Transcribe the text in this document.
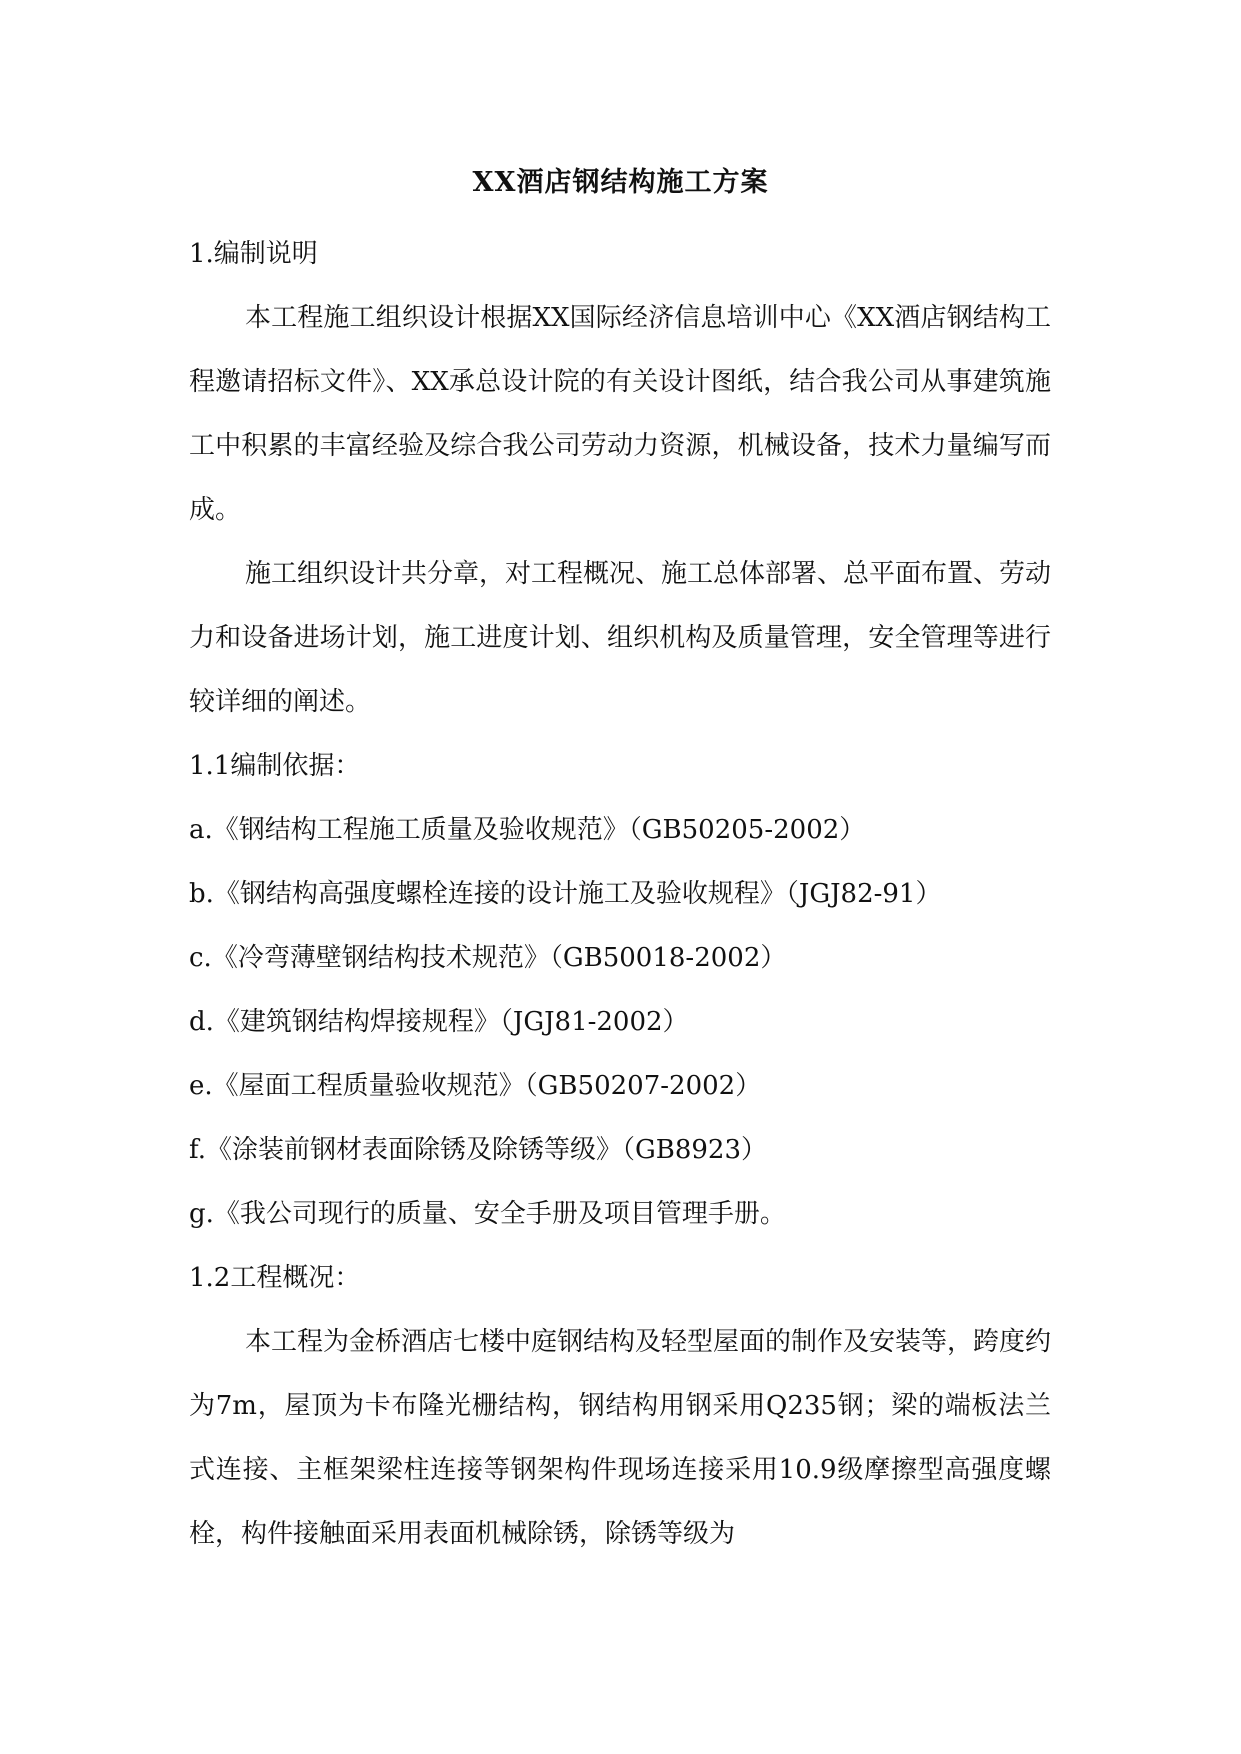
XX酒店钢结构施工方案
1.编制说明

本工程施工组织设计根据XX国际经济信息培训中心《XX酒店钢结构工程邀请招标文件》、XX承总设计院的有关设计图纸，结合我公司从事建筑施工中积累的丰富经验及综合我公司劳动力资源，机械设备，技术力量编写而成。

施工组织设计共分章，对工程概况、施工总体部署、总平面布置、劳动力和设备进场计划，施工进度计划、组织机构及质量管理，安全管理等进行较详细的阐述。

1.1编制依据：
a.《钢结构工程施工质量及验收规范》（GB50205-2002）
b.《钢结构高强度螺栓连接的设计施工及验收规程》（JGJ82-91）
c.《冷弯薄壁钢结构技术规范》（GB50018-2002）
d.《建筑钢结构焊接规程》（JGJ81-2002）
e.《屋面工程质量验收规范》（GB50207-2002）
f.《涂装前钢材表面除锈及除锈等级》（GB8923）
g.《我公司现行的质量、安全手册及项目管理手册。
1.2工程概况：

本工程为金桥酒店七楼中庭钢结构及轻型屋面的制作及安装等，跨度约为7m，屋顶为卡布隆光栅结构，钢结构用钢采用Q235钢；梁的端板法兰式连接、主框架梁柱连接等钢架构件现场连接采用10.9级摩擦型高强度螺栓，构件接触面采用表面机械除锈，除锈等级为
